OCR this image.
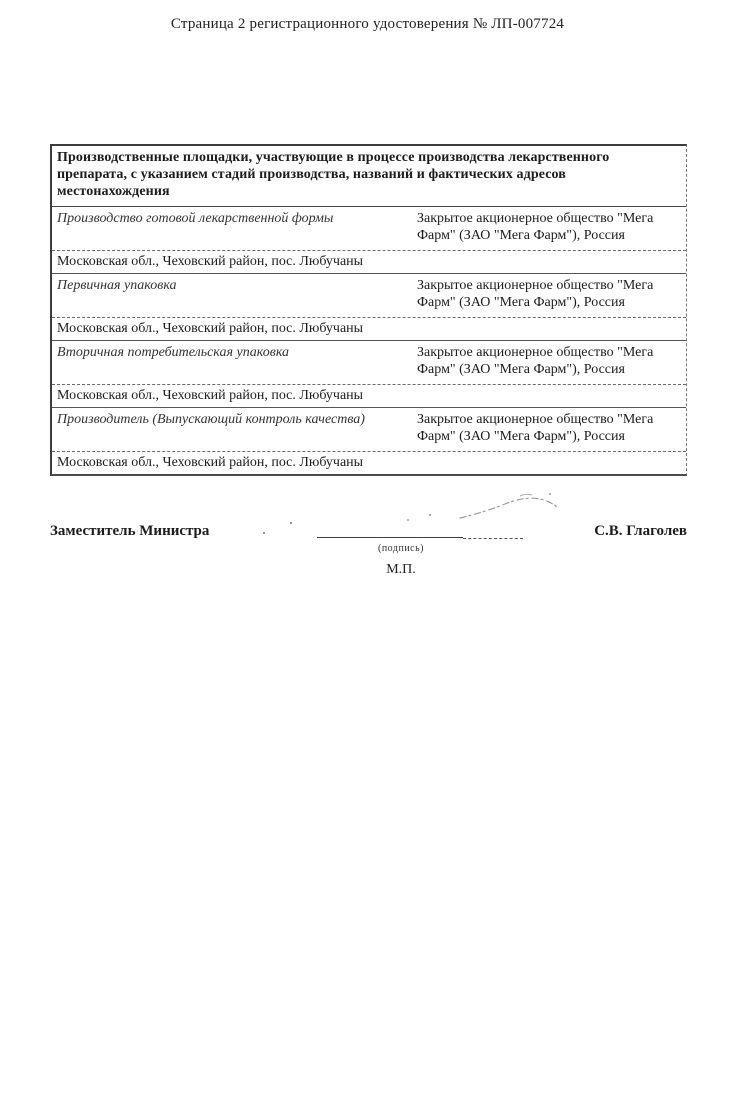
Страница 2 регистрационного удостоверения № ЛП-007724
Производственные площадки, участвующие в процессе производства лекарственного препарата, с указанием стадий производства, названий и фактических адресов местонахождения
Производство готовой лекарственной формы	Закрытое акционерное общество "Мега Фарм" (ЗАО "Мега Фарм"), Россия
Московская обл., Чеховский район, пос. Любучаны
Первичная упаковка	Закрытое акционерное общество "Мега Фарм" (ЗАО "Мега Фарм"), Россия
Московская обл., Чеховский район, пос. Любучаны
Вторичная потребительская упаковка	Закрытое акционерное общество "Мега Фарм" (ЗАО "Мега Фарм"), Россия
Московская обл., Чеховский район, пос. Любучаны
Производитель (Выпускающий контроль качества)	Закрытое акционерное общество "Мега Фарм" (ЗАО "Мега Фарм"), Россия
Московская обл., Чеховский район, пос. Любучаны
Заместитель Министра	С.В. Глаголев
(подпись)
М.П.
